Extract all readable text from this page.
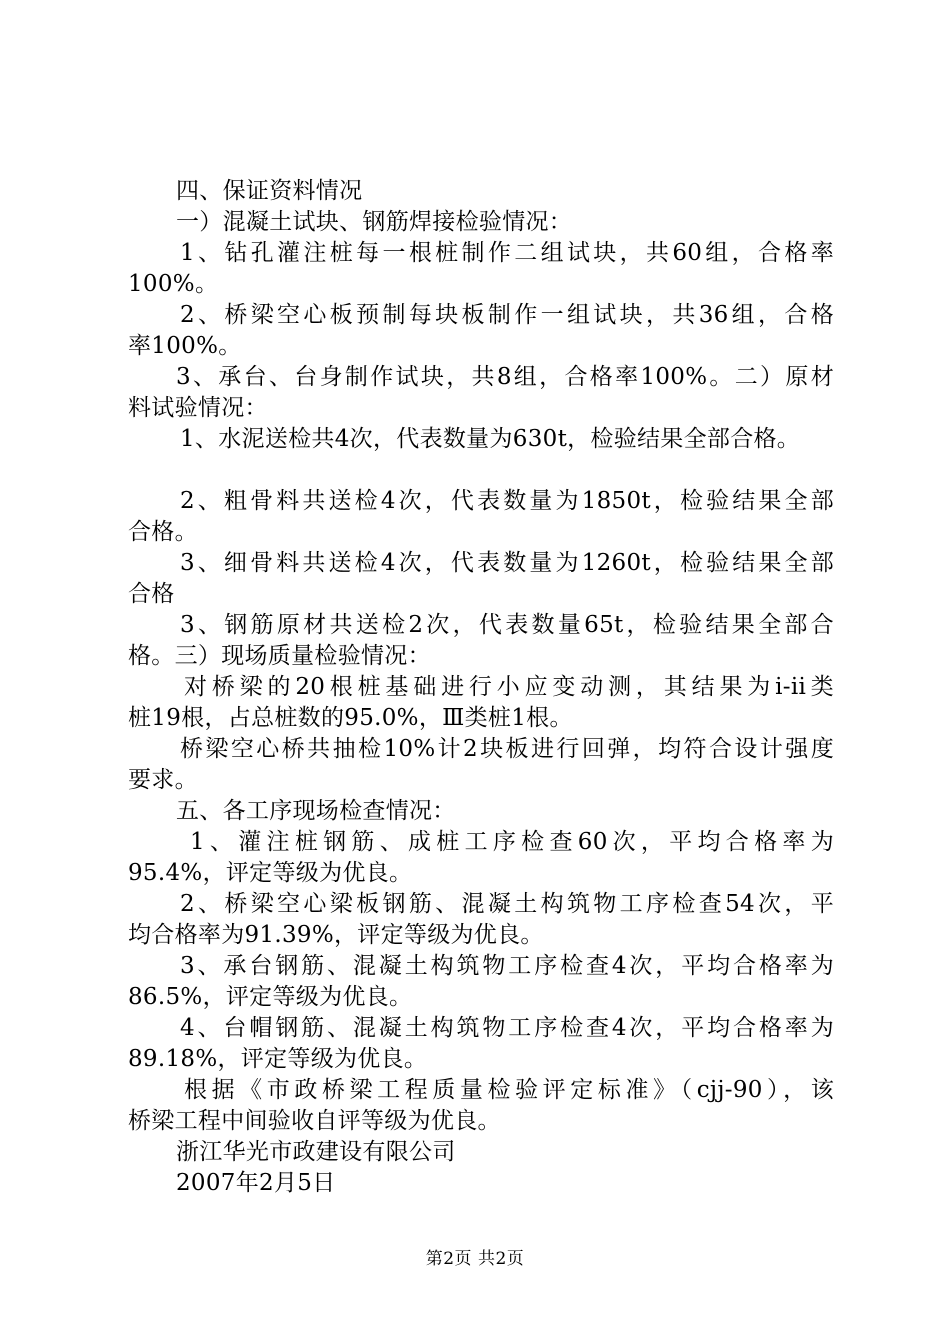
四、保证资料情况
一）混凝土试块、钢筋焊接检验情况：
1、钻孔灌注桩每一根桩制作二组试块，共60组，合格率
100%。
2、桥梁空心板预制每块板制作一组试块，共36组，合格
率100%。
3、承台、台身制作试块，共8组，合格率100%。二）原材
料试验情况：
1、水泥送检共4次，代表数量为630t，检验结果全部合格。
2、粗骨料共送检4次，代表数量为1850t，检验结果全部
合格。
3、细骨料共送检4次，代表数量为1260t，检验结果全部
合格
3、钢筋原材共送检2次，代表数量65t，检验结果全部合
格。三）现场质量检验情况：
对桥梁的20根桩基础进行小应变动测，其结果为i-ii类
桩19根，占总桩数的95.0%，Ⅲ类桩1根。
桥梁空心桥共抽检10%计2块板进行回弹，均符合设计强度
要求。
五、各工序现场检查情况：
1、灌注桩钢筋、成桩工序检查60次，平均合格率为
95.4%，评定等级为优良。
2、桥梁空心梁板钢筋、混凝土构筑物工序检查54次，平
均合格率为91.39%，评定等级为优良。
3、承台钢筋、混凝土构筑物工序检查4次，平均合格率为
86.5%，评定等级为优良。
4、台帽钢筋、混凝土构筑物工序检查4次，平均合格率为
89.18%，评定等级为优良。
根据《市政桥梁工程质量检验评定标准》（cjj-90），该
桥梁工程中间验收自评等级为优良。
浙江华光市政建设有限公司
2007年2月5日
第2页 共2页
